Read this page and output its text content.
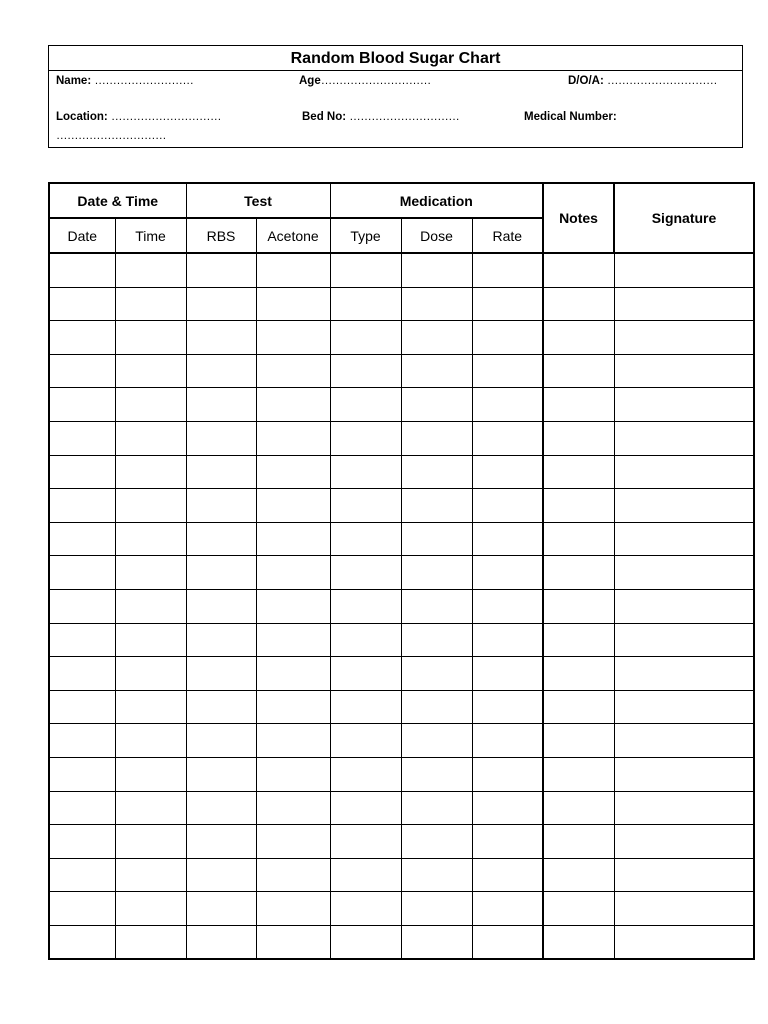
Random Blood Sugar Chart
Name: ………………………	Age…………………………	D/O/A: …………………………
Location: …………………………	Bed No: …………………………	Medical Number:
…………………………
Date & Time		Test		Medication			Notes	Signature
Date	Time	RBS	Acetone	Type	Dose	Rate		
